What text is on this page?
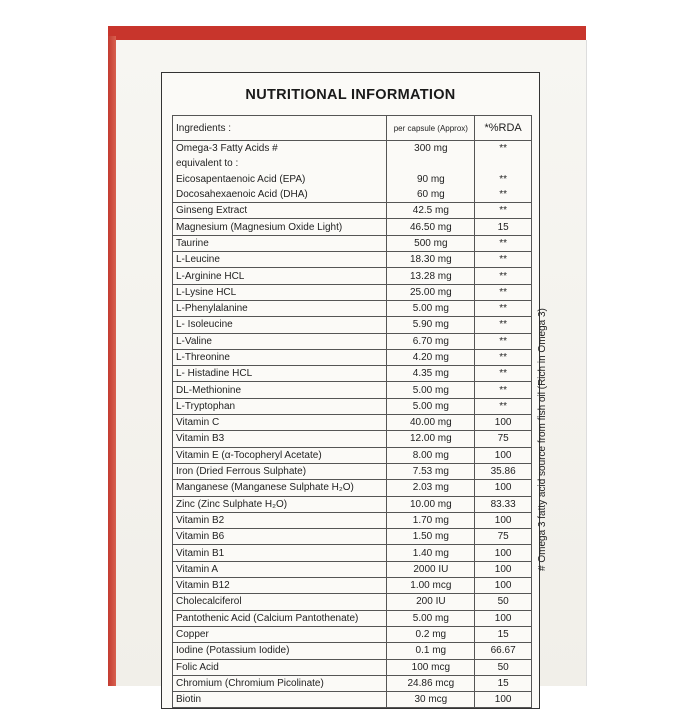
NUTRITIONAL INFORMATION
Ingredients :	per capsule (Approx)	*%RDA
Omega-3 Fatty Acids #	300 mg	**
equivalent to :		
Eicosapentaenoic Acid (EPA)	90 mg	**
Docosahexaenoic Acid (DHA)	60 mg	**
Ginseng Extract	42.5 mg	**
Magnesium (Magnesium Oxide Light)	46.50 mg	15
Taurine	500 mg	**
L-Leucine	18.30 mg	**
L-Arginine HCL	13.28 mg	**
L-Lysine HCL	25.00 mg	**
L-Phenylalanine	5.00 mg	**
L- Isoleucine	5.90 mg	**
L-Valine	6.70 mg	**
L-Threonine	4.20 mg	**
L- Histadine HCL	4.35 mg	**
DL-Methionine	5.00 mg	**
L-Tryptophan	5.00 mg	**
Vitamin C	40.00 mg	100
Vitamin B3	12.00 mg	75
Vitamin E (α-Tocopheryl Acetate)	8.00 mg	100
Iron (Dried Ferrous Sulphate)	7.53 mg	35.86
Manganese (Manganese Sulphate H₂O)	2.03 mg	100
Zinc (Zinc Sulphate H₂O)	10.00 mg	83.33
Vitamin B2	1.70 mg	100
Vitamin B6	1.50 mg	75
Vitamin B1	1.40 mg	100
Vitamin A	2000 IU	100
Vitamin B12	1.00 mcg	100
Cholecalciferol	200 IU	50
Pantothenic Acid (Calcium Pantothenate)	5.00 mg	100
Copper	0.2 mg	15
Iodine (Potassium Iodide)	0.1 mg	66.67
Folic Acid	100 mcg	50
Chromium (Chromium Picolinate)	24.86 mcg	15
Biotin	30 mcg	100
# Omega 3 fatty acid source from fish oil (Rich in Omega 3)
